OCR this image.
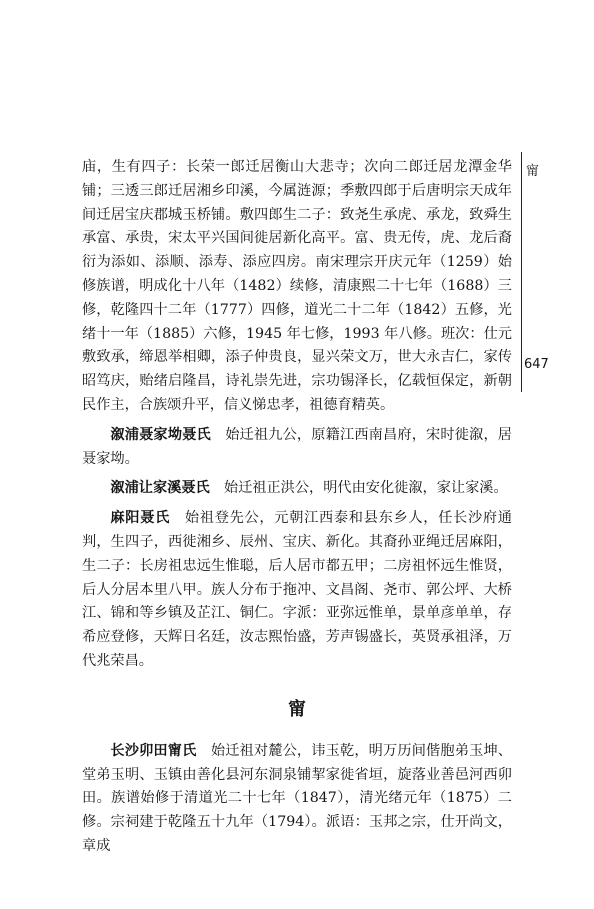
甯
647

庙，生有四子：长荣一郎迁居衡山大悲寺；次向二郎迁居龙潭金华铺；三透三郎迁居湘乡印溪，今属涟源；季敷四郎于后唐明宗天成年间迁居宝庆郡城玉桥铺。敷四郎生二子：致尧生承虎、承龙，致舜生承富、承贵，宋太平兴国间徙居新化高平。富、贵无传，虎、龙后裔衍为添如、添顺、添寿、添应四房。南宋理宗开庆元年（1259）始修族谱，明成化十八年（1482）续修，清康熙二十七年（1688）三修，乾隆四十二年（1777）四修，道光二十二年（1842）五修，光绪十一年（1885）六修，1945 年七修，1993 年八修。班次：仕元敷致承，缔恩举相卿，添子仲贵良，显兴荣文万，世大永吉仁，家传昭笃庆，贻绪启隆昌，诗礼崇先进，宗功锡泽长，亿载恒保定，新朝民作主，合族颂升平，信义悌忠孝，祖德育精英。

溆浦聂家坳聂氏　 始迁祖九公，原籍江西南昌府，宋时徙溆，居聂家坳。

溆浦让家溪聂氏　 始迁祖正洪公，明代由安化徙溆，家让家溪。

麻阳聂氏　 始祖登先公，元朝江西泰和县东乡人，任长沙府通判，生四子，西徙湘乡、辰州、宝庆、新化。其裔孙亚绳迁居麻阳，生二子：长房祖忠远生惟聪，后人居市都五甲；二房祖怀远生惟贤，后人分居本里八甲。族人分布于拖冲、文昌阁、尧市、郭公坪、大桥江、锦和等乡镇及芷江、铜仁。字派：亚弥远惟单，景单彦单单，存希应登修，天辉日名廷，汝志熙怡盛，芳声锡盛长，英贤承祖泽，万代兆荣昌。

甯

长沙卯田甯氏　 始迁祖对麓公，讳玉乾，明万历间偕胞弟玉坤、堂弟玉明、玉镇由善化县河东洞泉铺挈家徙省垣，旋落业善邑河西卯田。族谱始修于清道光二十七年（1847），清光绪元年（1875）二修。宗祠建于乾隆五十九年（1794）。派语：玉邦之宗，仕开尚文，章成
